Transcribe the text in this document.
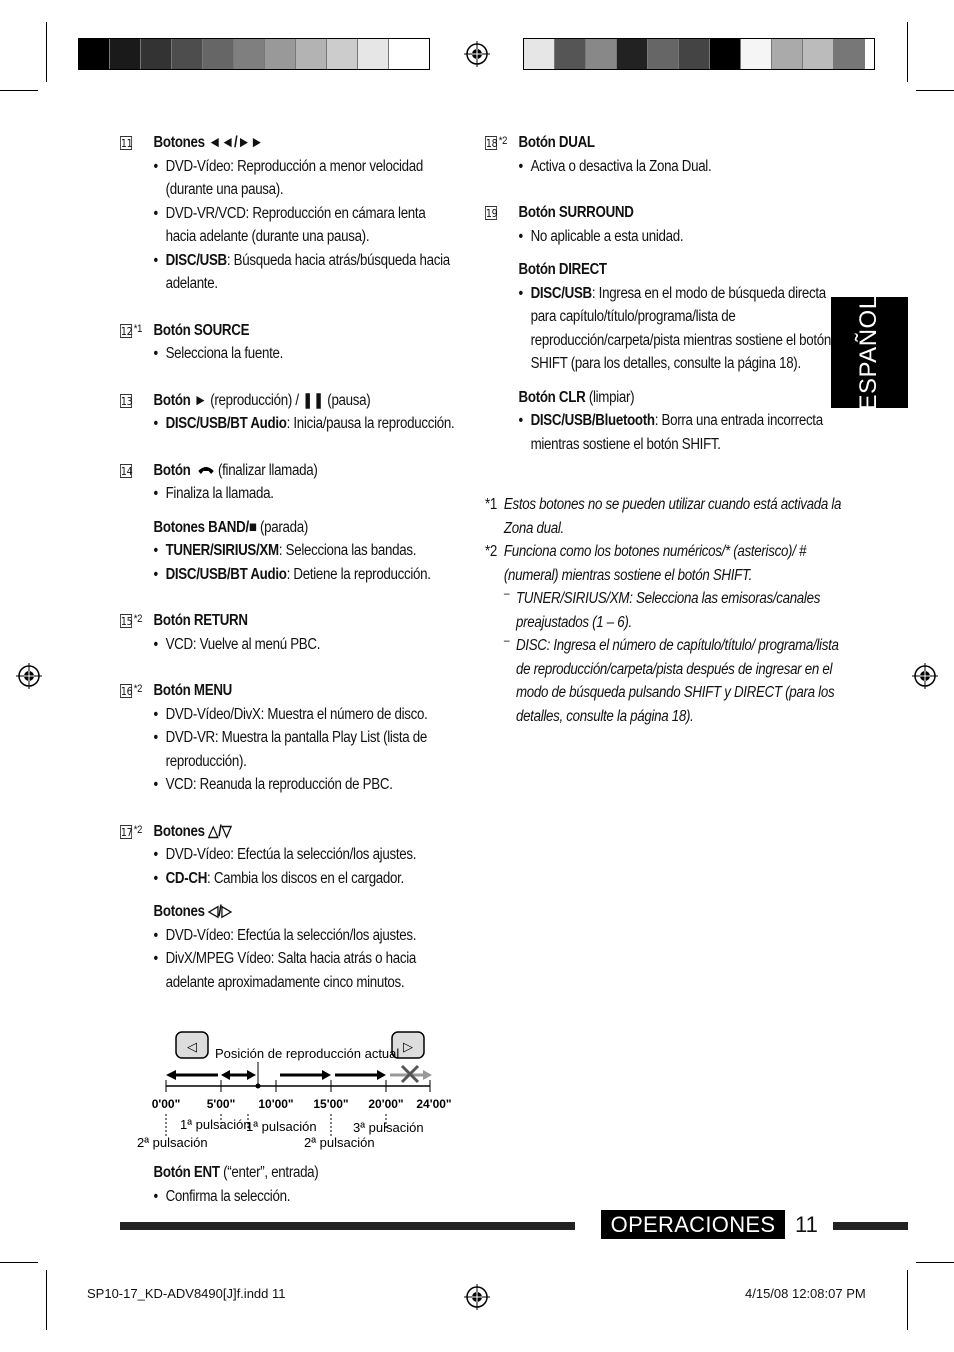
11 Botones ◄◄/►►
• DVD-Vídeo: Reproducción a menor velocidad (durante una pausa).
• DVD-VR/VCD: Reproducción en cámara lenta hacia adelante (durante una pausa).
• DISC/USB: Búsqueda hacia atrás/búsqueda hacia adelante.
12 *1 Botón SOURCE
• Selecciona la fuente.
13 Botón ► (reproducción) / ❚❚ (pausa)
• DISC/USB/BT Audio: Inicia/pausa la reproducción.
14 Botón  (finalizar llamada)
• Finaliza la llamada.
Botones BAND/■ (parada)
• TUNER/SIRIUS/XM: Selecciona las bandas.
• DISC/USB/BT Audio: Detiene la reproducción.
15 *2 Botón RETURN
• VCD: Vuelve al menú PBC.
16 *2 Botón MENU
• DVD-Vídeo/DivX: Muestra el número de disco.
• DVD-VR: Muestra la pantalla Play List (lista de reproducción).
• VCD: Reanuda la reproducción de PBC.
17 *2 Botones △/▽
• DVD-Vídeo: Efectúa la selección/los ajustes.
• CD-CH: Cambia los discos en el cargador.
Botones ◁/▷
• DVD-Vídeo: Efectúa la selección/los ajustes.
• DivX/MPEG Vídeo: Salta hacia atrás o hacia adelante aproximadamente cinco minutos.
◁	▷
Posición de reproducción actual
0'00" 5'00" 10'00" 15'00" 20'00" 24'00"
1ª pulsación
1ª pulsación
2ª pulsación	2ª pulsación
3ª pulsación
Botón ENT (“enter”, entrada)
• Confirma la selección.
18 *2 Botón DUAL
• Activa o desactiva la Zona Dual.
19 Botón SURROUND
• No aplicable a esta unidad.
Botón DIRECT
• DISC/USB: Ingresa en el modo de búsqueda directa para capítulo/título/programa/lista de reproducción/carpeta/pista mientras sostiene el botón SHIFT (para los detalles, consulte la página 18).
Botón CLR (limpiar)
• DISC/USB/Bluetooth: Borra una entrada incorrecta mientras sostiene el botón SHIFT.
*1 Estos botones no se pueden utilizar cuando está activada la Zona dual.
*2 Funciona como los botones numéricos/* (asterisco)/ # (numeral) mientras sostiene el botón SHIFT.
– TUNER/SIRIUS/XM: Selecciona las emisoras/canales preajustados (1 – 6).
– DISC: Ingresa el número de capítulo/título/ programa/lista de reproducción/carpeta/pista después de ingresar en el modo de búsqueda pulsando SHIFT y DIRECT (para los detalles, consulte la página 18).
ESPAÑOL
OPERACIONES 11
SP10-17_KD-ADV8490[J]f.indd 11	4/15/08 12:08:07 PM
